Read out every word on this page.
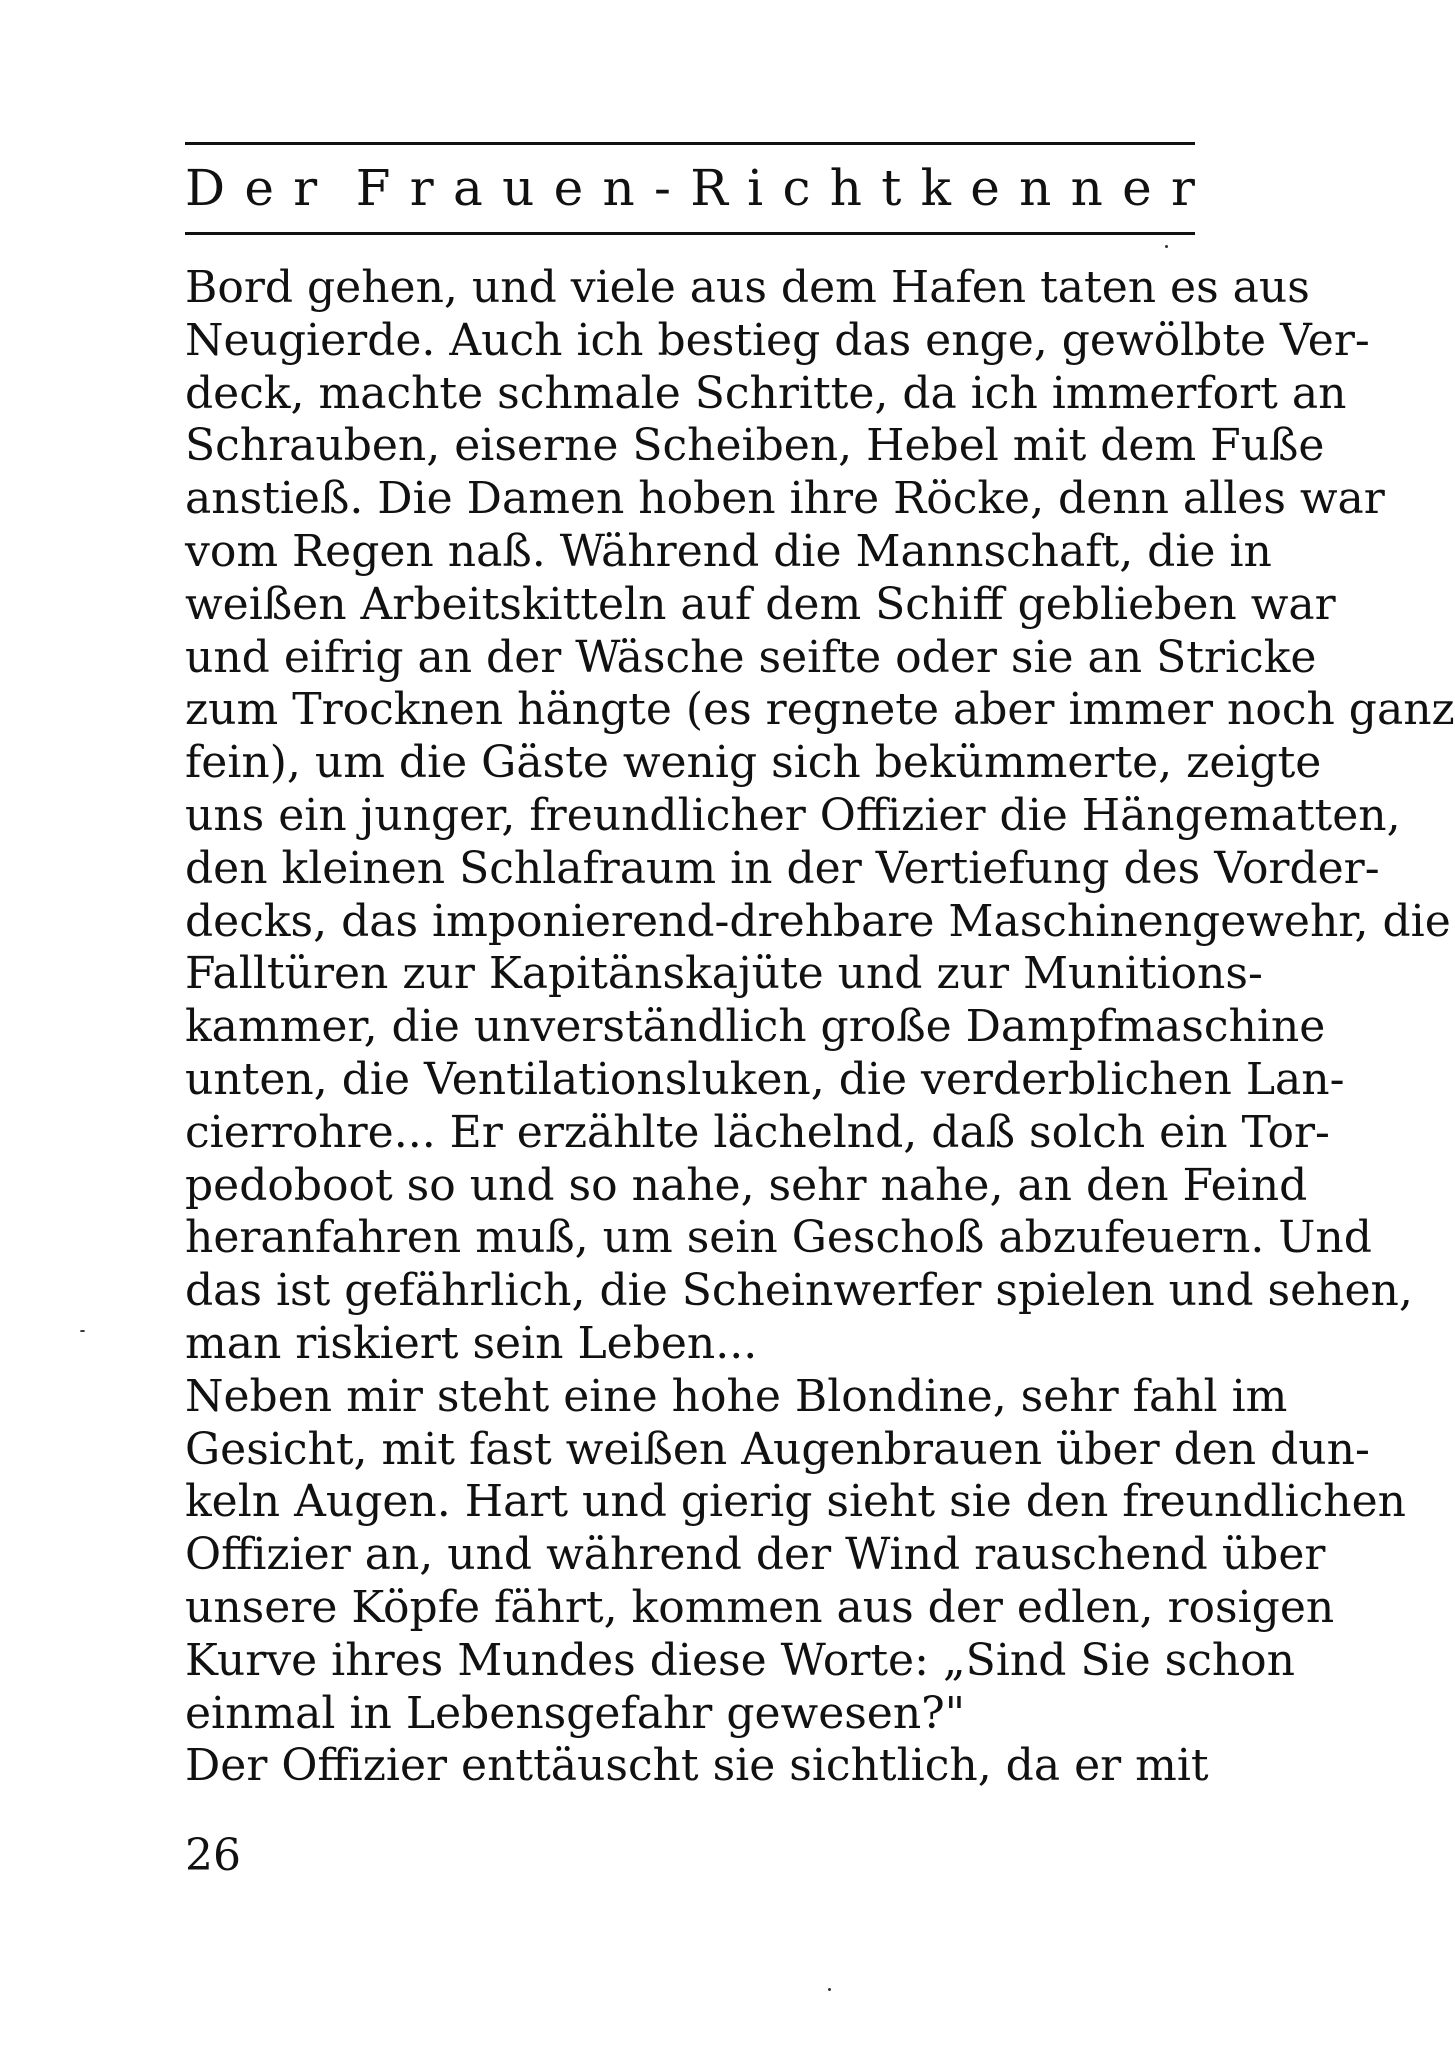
D e r F r a u e n - R i c h t k e n n e r
Bord gehen, und viele aus dem Hafen taten es aus
Neugierde. Auch ich bestieg das enge, gewölbte Ver-
deck, machte schmale Schritte, da ich immerfort an
Schrauben, eiserne Scheiben, Hebel mit dem Fuße
anstieß. Die Damen hoben ihre Röcke, denn alles war
vom Regen naß. Während die Mannschaft, die in
weißen Arbeitskitteln auf dem Schiff geblieben war
und eifrig an der Wäsche seifte oder sie an Stricke
zum Trocknen hängte (es regnete aber immer noch ganz
fein), um die Gäste wenig sich bekümmerte, zeigte
uns ein junger, freundlicher Offizier die Hängematten,
den kleinen Schlafraum in der Vertiefung des Vorder-
decks, das imponierend-drehbare Maschinengewehr, die
Falltüren zur Kapitänskajüte und zur Munitions-
kammer, die unverständlich große Dampfmaschine
unten, die Ventilationsluken, die verderblichen Lan-
cierrohre... Er erzählte lächelnd, daß solch ein Tor-
pedoboot so und so nahe, sehr nahe, an den Feind
heranfahren muß, um sein Geschoß abzufeuern. Und
das ist gefährlich, die Scheinwerfer spielen und sehen,
man riskiert sein Leben...
Neben mir steht eine hohe Blondine, sehr fahl im
Gesicht, mit fast weißen Augenbrauen über den dun-
keln Augen. Hart und gierig sieht sie den freundlichen
Offizier an, und während der Wind rauschend über
unsere Köpfe fährt, kommen aus der edlen, rosigen
Kurve ihres Mundes diese Worte: „Sind Sie schon
einmal in Lebensgefahr gewesen?"
Der Offizier enttäuscht sie sichtlich, da er mit
26
